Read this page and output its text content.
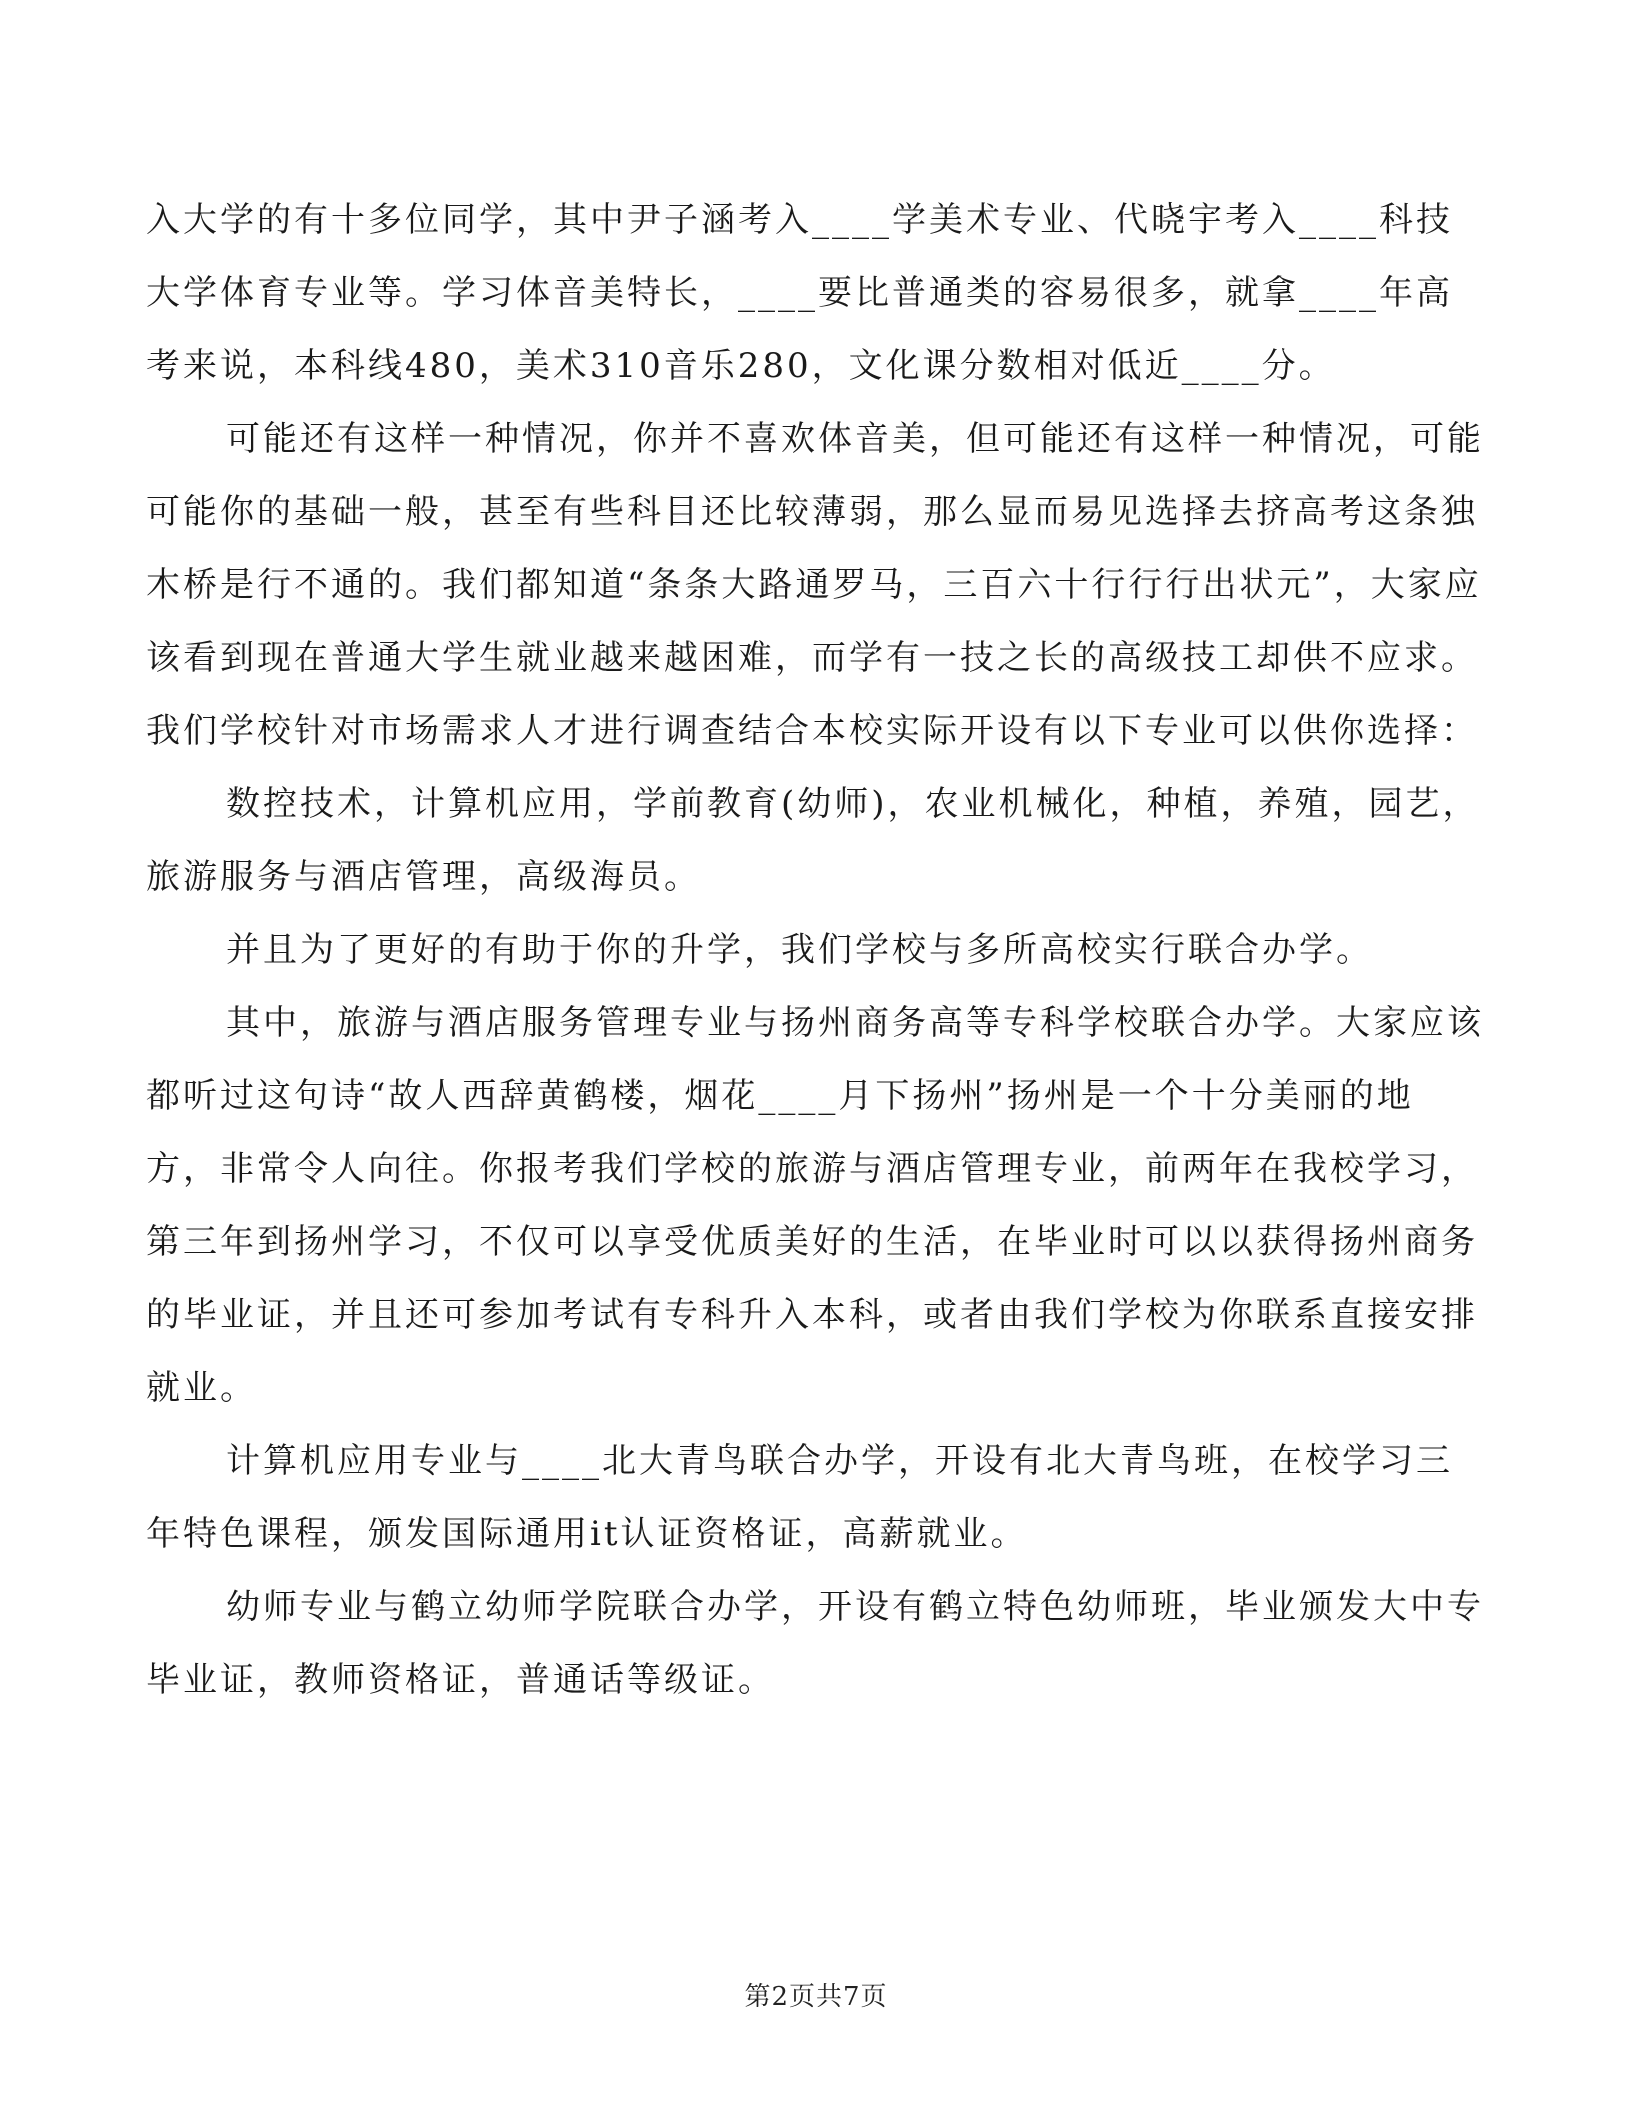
入大学的有十多位同学，其中尹子涵考入____学美术专业、代晓宇考入____科技大学体育专业等。学习体音美特长，____要比普通类的容易很多，就拿____年高考来说，本科线480，美术310音乐280，文化课分数相对低近____分。

可能还有这样一种情况，你并不喜欢体音美，但可能还有这样一种情况，可能可能你的基础一般，甚至有些科目还比较薄弱，那么显而易见选择去挤高考这条独木桥是行不通的。我们都知道“条条大路通罗马，三百六十行行行出状元”，大家应该看到现在普通大学生就业越来越困难，而学有一技之长的高级技工却供不应求。我们学校针对市场需求人才进行调查结合本校实际开设有以下专业可以供你选择：

数控技术，计算机应用，学前教育(幼师)，农业机械化，种植，养殖，园艺，旅游服务与酒店管理，高级海员。

并且为了更好的有助于你的升学，我们学校与多所高校实行联合办学。

其中，旅游与酒店服务管理专业与扬州商务高等专科学校联合办学。大家应该都听过这句诗“故人西辞黄鹤楼，烟花____月下扬州”扬州是一个十分美丽的地方，非常令人向往。你报考我们学校的旅游与酒店管理专业，前两年在我校学习，第三年到扬州学习，不仅可以享受优质美好的生活，在毕业时可以以获得扬州商务的毕业证，并且还可参加考试有专科升入本科，或者由我们学校为你联系直接安排就业。

计算机应用专业与____北大青鸟联合办学，开设有北大青鸟班，在校学习三年特色课程，颁发国际通用it认证资格证，高薪就业。

幼师专业与鹤立幼师学院联合办学，开设有鹤立特色幼师班，毕业颁发大中专毕业证，教师资格证，普通话等级证。

第2页共7页
